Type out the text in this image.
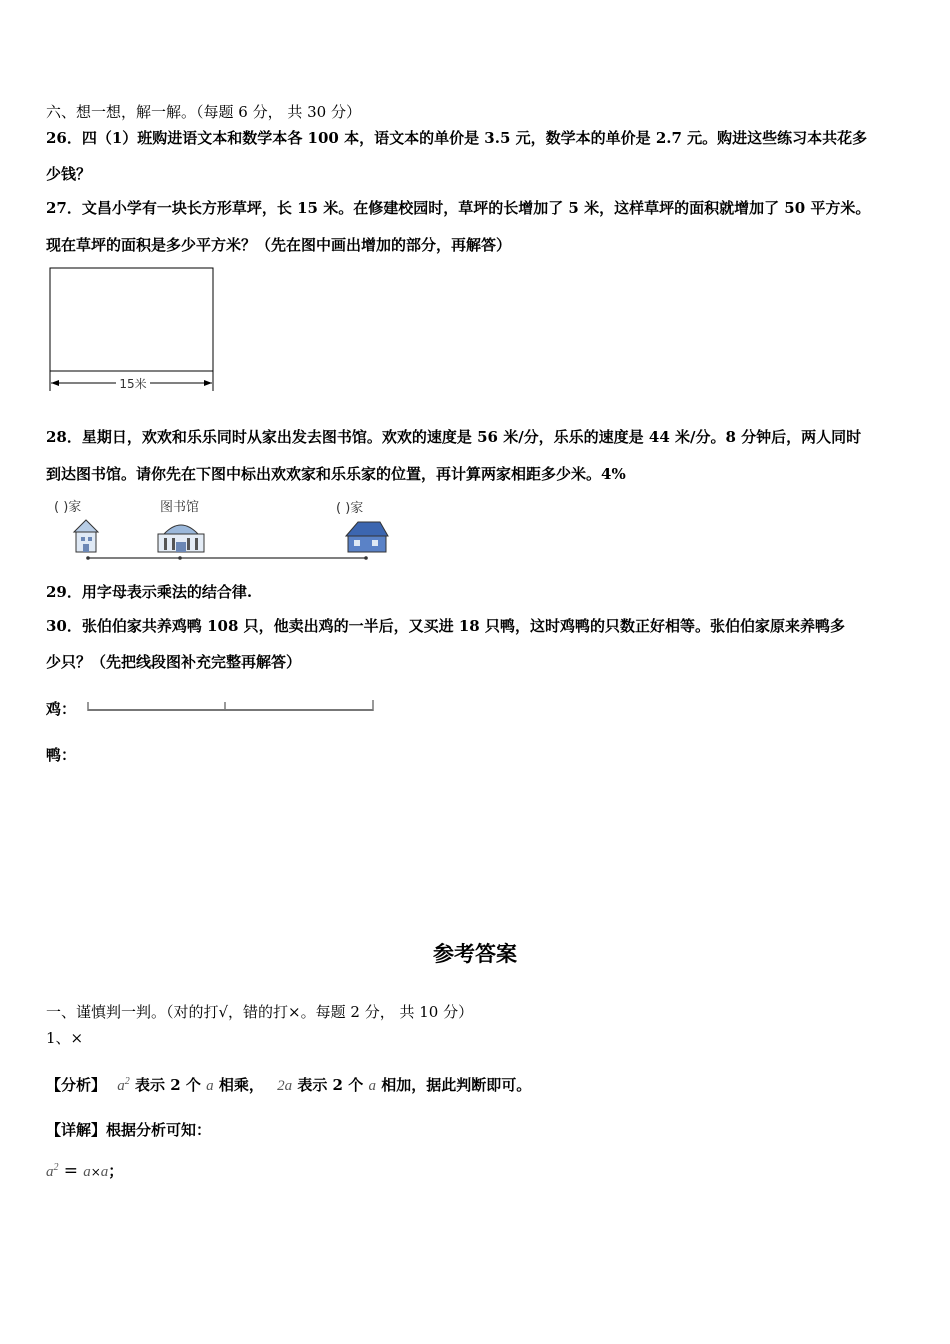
六、想一想，解一解。（每题 6 分， 共 30 分）
26．四（1）班购进语文本和数学本各 100 本，语文本的单价是 3.5 元，数学本的单价是 2.7 元。购进这些练习本共花多
少钱？
27．文昌小学有一块长方形草坪，长 15 米。在修建校园时，草坪的长增加了 5 米，这样草坪的面积就增加了 50 平方米。
现在草坪的面积是多少平方米？（先在图中画出增加的部分，再解答）
15米
28．星期日，欢欢和乐乐同时从家出发去图书馆。欢欢的速度是 56 米/分，乐乐的速度是 44 米/分。8 分钟后，两人同时
到达图书馆。请你先在下图中标出欢欢家和乐乐家的位置，再计算两家相距多少米。4%
( )家	图书馆	( )家
29．用字母表示乘法的结合律.
30．张伯伯家共养鸡鸭 108 只，他卖出鸡的一半后，又买进 18 只鸭，这时鸡鸭的只数正好相等。张伯伯家原来养鸭多
少只？（先把线段图补充完整再解答）
鸡：
鸭：
参考答案
一、谨慎判一判。（对的打√，错的打×。每题 2 分， 共 10 分）
1、×
【分析】 $a^2$ 表示 2 个 a 相乘， 2a 表示 2 个 a 相加，据此判断即可。
【详解】根据分析可知：
$a^2 = a\times a$；
